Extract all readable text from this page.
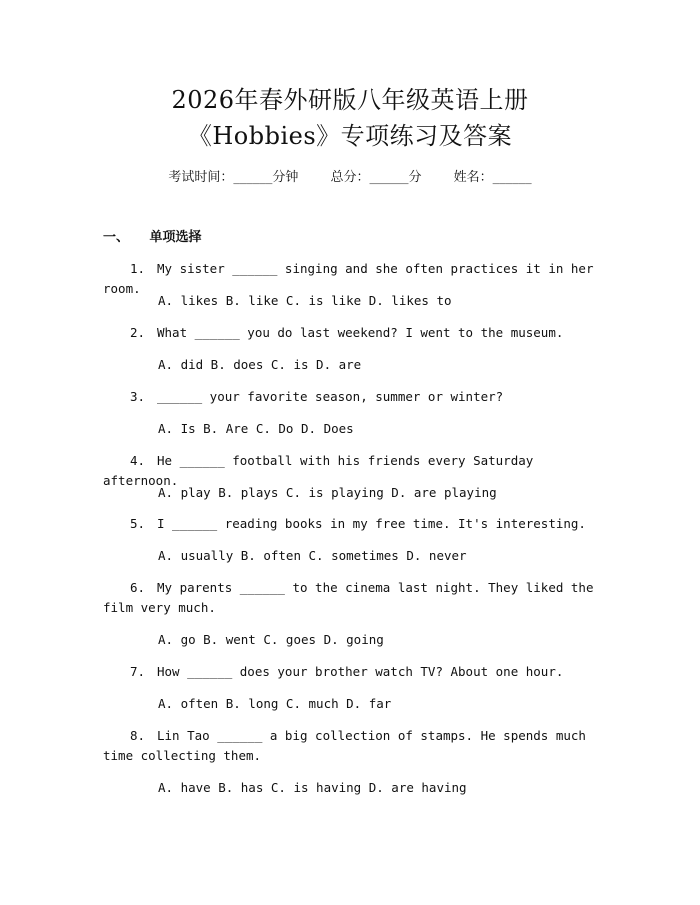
2026年春外研版八年级英语上册
《Hobbies》专项练习及答案
考试时间：______分钟 总分：______分 姓名：______
一、 单项选择
1. My sister ______ singing and she often practices it in her room.
A. likes B. like C. is like D. likes to
2. What ______ you do last weekend? I went to the museum.
A. did B. does C. is D. are
3. ______ your favorite season, summer or winter?
A. Is B. Are C. Do D. Does
4. He ______ football with his friends every Saturday afternoon.
A. play B. plays C. is playing D. are playing
5. I ______ reading books in my free time. It's interesting.
A. usually B. often C. sometimes D. never
6. My parents ______ to the cinema last night. They liked the film very much.
A. go B. went C. goes D. going
7. How ______ does your brother watch TV? About one hour.
A. often B. long C. much D. far
8. Lin Tao ______ a big collection of stamps. He spends much time collecting them.
A. have B. has C. is having D. are having
